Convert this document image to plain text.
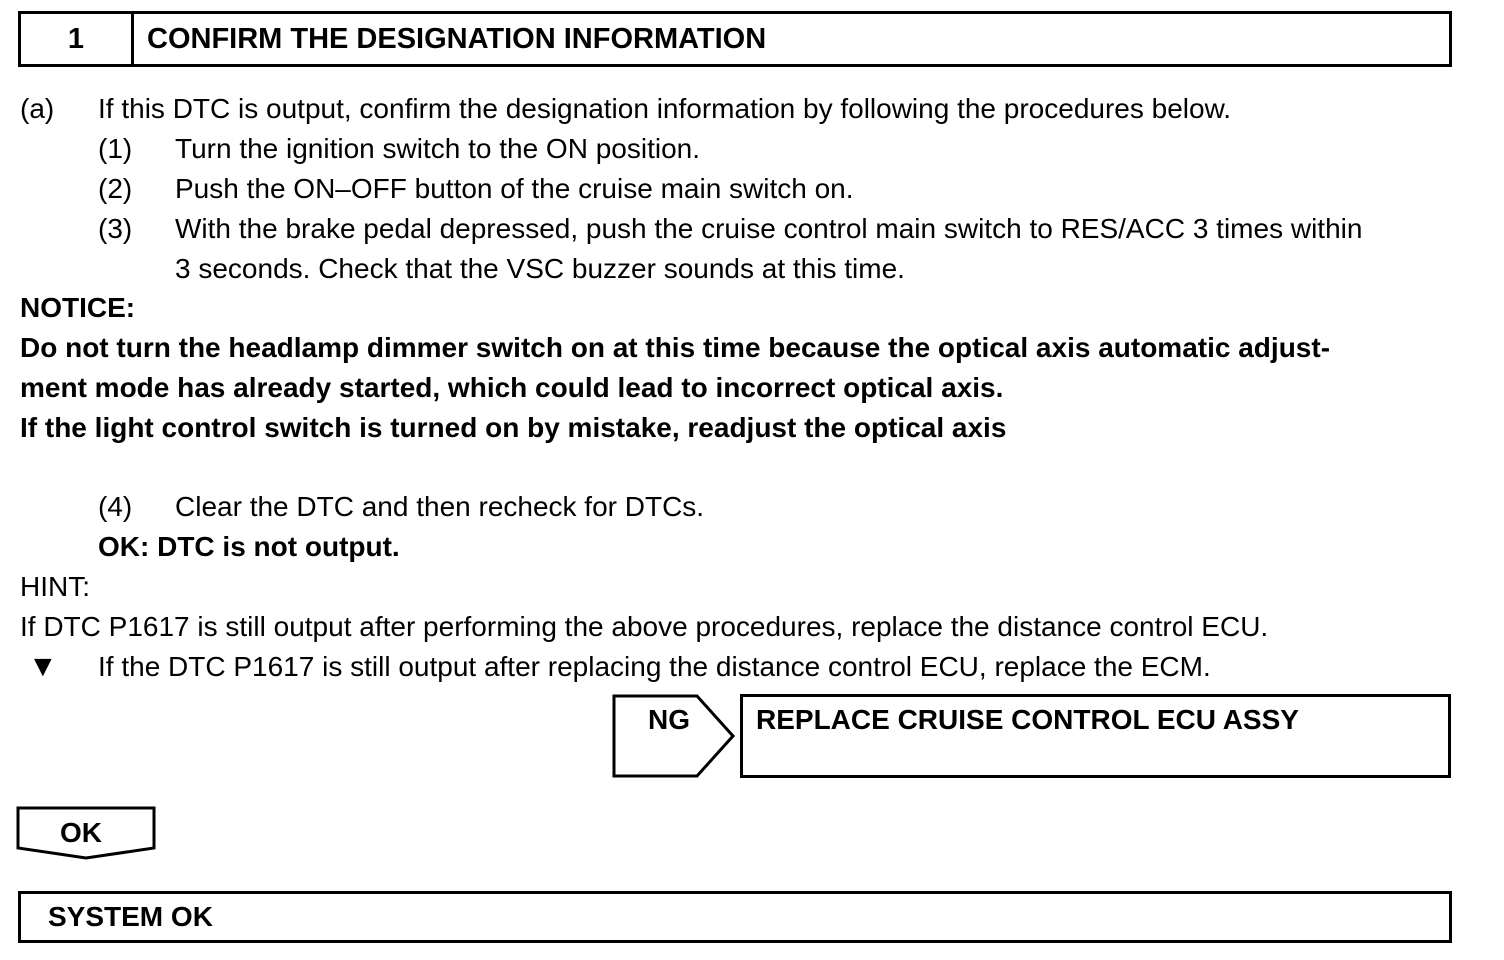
1	CONFIRM THE DESIGNATION INFORMATION
(a) If this DTC is output, confirm the designation information by following the procedures below.
(1) Turn the ignition switch to the ON position.
(2) Push the ON–OFF button of the cruise main switch on.
(3) With the brake pedal depressed, push the cruise control main switch to RES/ACC 3 times within
3 seconds. Check that the VSC buzzer sounds at this time.
NOTICE:
Do not turn the headlamp dimmer switch on at this time because the optical axis automatic adjust-
ment mode has already started, which could lead to incorrect optical axis.
If the light control switch is turned on by mistake, readjust the optical axis
(4) Clear the DTC and then recheck for DTCs.
OK: DTC is not output.
HINT:
If DTC P1617 is still output after performing the above procedures, replace the distance control ECU.
▼ If the DTC P1617 is still output after replacing the distance control ECU, replace the ECM.
NG REPLACE CRUISE CONTROL ECU ASSY
OK
SYSTEM OK
